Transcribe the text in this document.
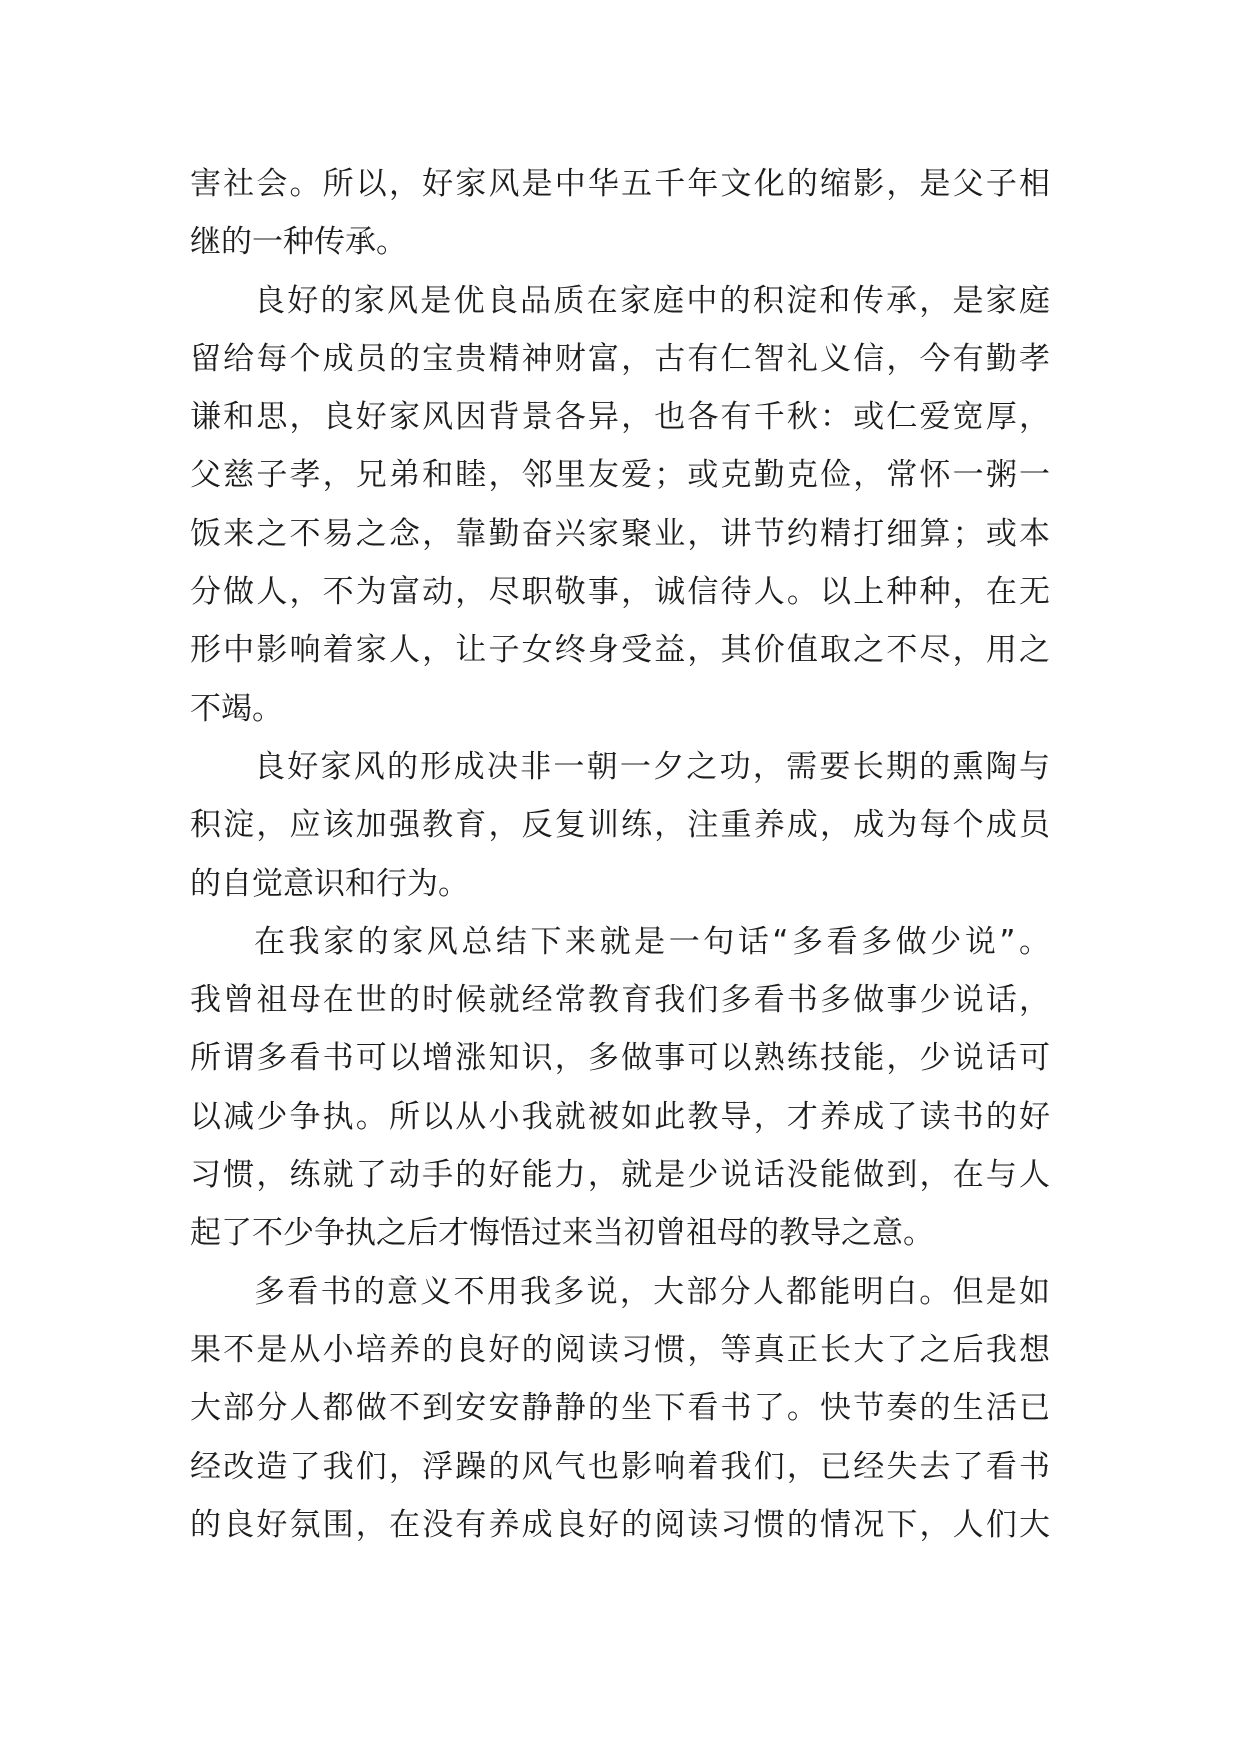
害社会。所以，好家风是中华五千年文化的缩影，是父子相
继的一种传承。
良好的家风是优良品质在家庭中的积淀和传承，是家庭
留给每个成员的宝贵精神财富，古有仁智礼义信，今有勤孝
谦和思，良好家风因背景各异，也各有千秋：或仁爱宽厚，
父慈子孝，兄弟和睦，邻里友爱；或克勤克俭，常怀一粥一
饭来之不易之念，靠勤奋兴家聚业，讲节约精打细算；或本
分做人，不为富动，尽职敬事，诚信待人。以上种种，在无
形中影响着家人，让子女终身受益，其价值取之不尽，用之
不竭。
良好家风的形成决非一朝一夕之功，需要长期的熏陶与
积淀，应该加强教育，反复训练，注重养成，成为每个成员
的自觉意识和行为。
在我家的家风总结下来就是一句话“多看多做少说”。
我曾祖母在世的时候就经常教育我们多看书多做事少说话，
所谓多看书可以增涨知识，多做事可以熟练技能，少说话可
以减少争执。所以从小我就被如此教导，才养成了读书的好
习惯，练就了动手的好能力，就是少说话没能做到，在与人
起了不少争执之后才悔悟过来当初曾祖母的教导之意。
多看书的意义不用我多说，大部分人都能明白。但是如
果不是从小培养的良好的阅读习惯，等真正长大了之后我想
大部分人都做不到安安静静的坐下看书了。快节奏的生活已
经改造了我们，浮躁的风气也影响着我们，已经失去了看书
的良好氛围，在没有养成良好的阅读习惯的情况下，人们大
